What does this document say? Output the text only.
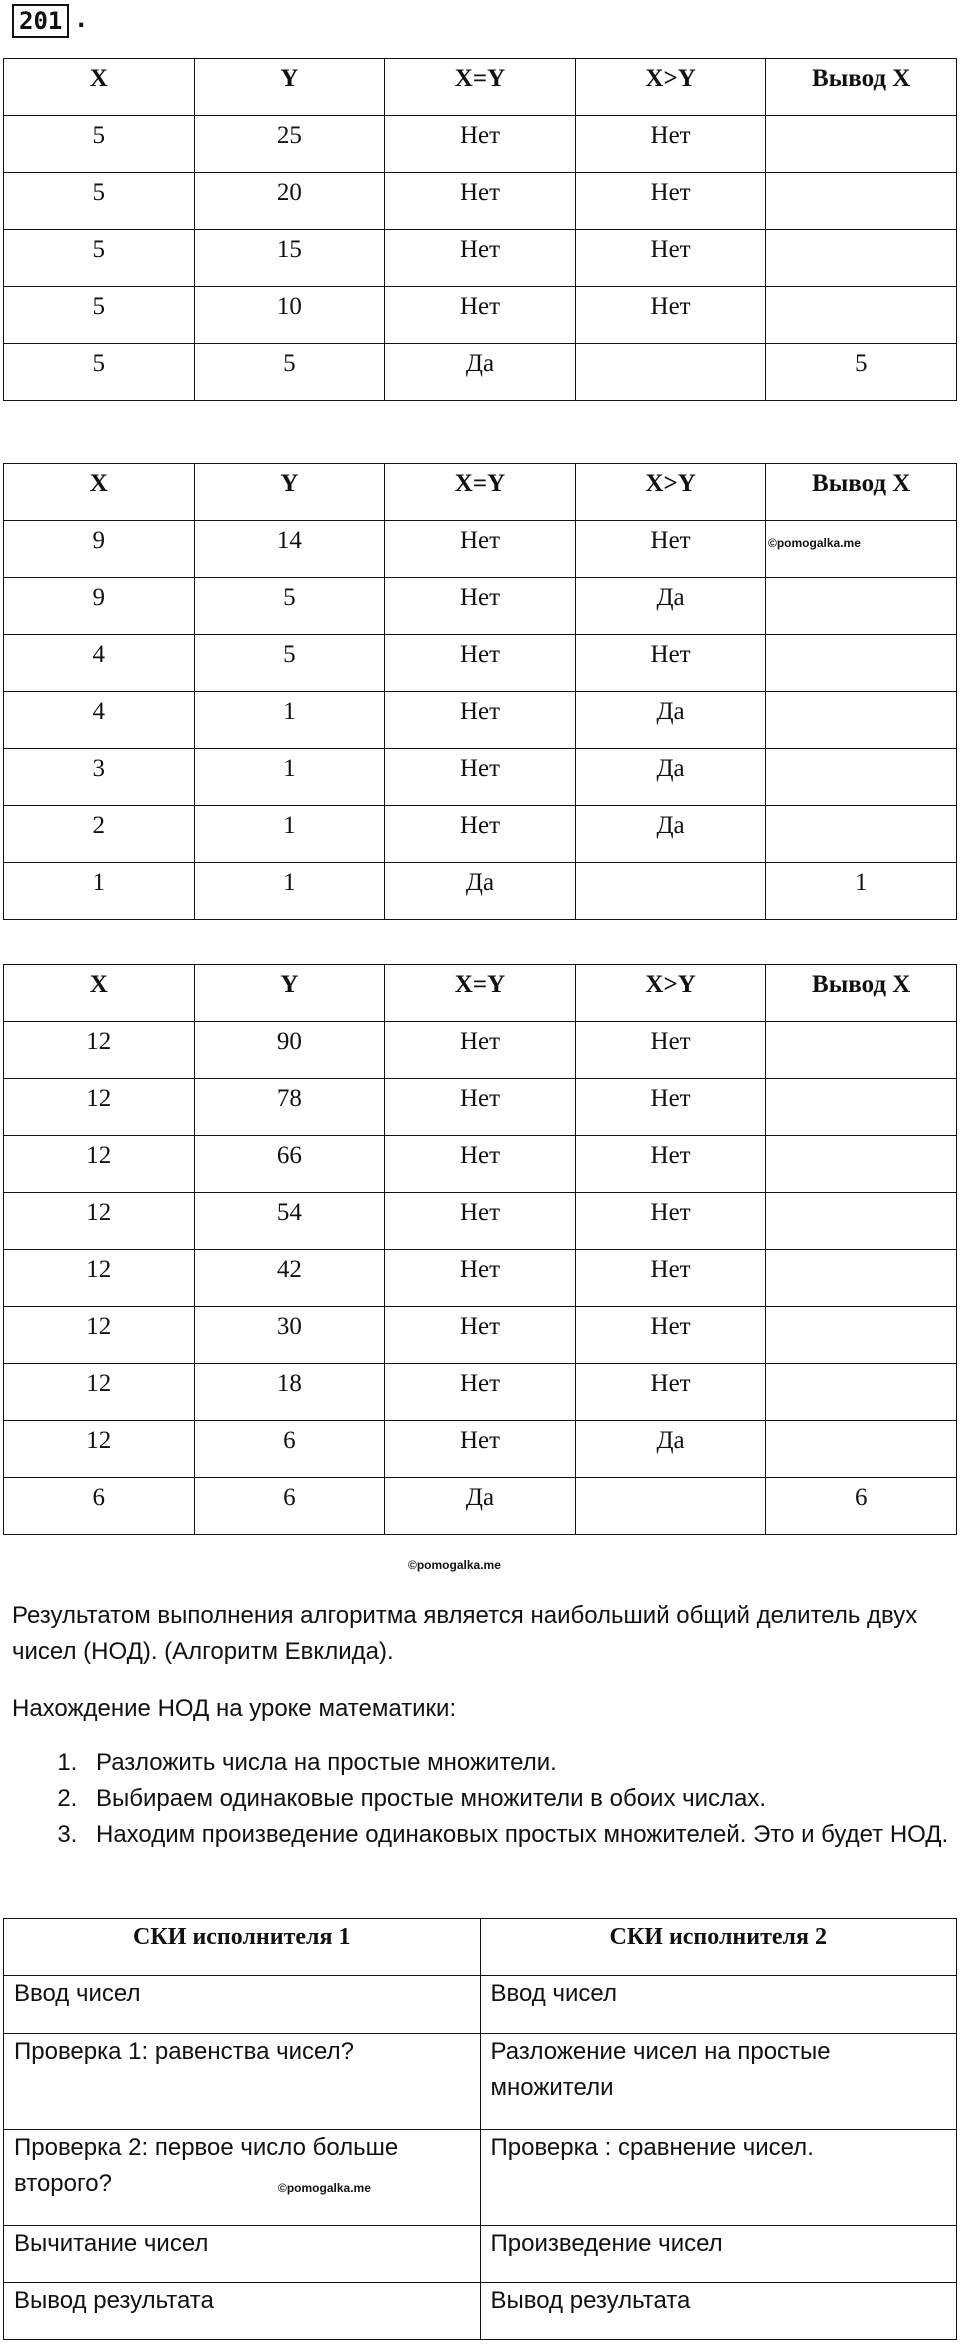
201 .
X	Y	X=Y	X>Y	Вывод X
5	25	Нет	Нет	
5	20	Нет	Нет	
5	15	Нет	Нет	
5	10	Нет	Нет	
5	5	Да		5
X	Y	X=Y	X>Y	Вывод X
9	14	Нет	Нет	
9	5	Нет	Да	
4	5	Нет	Нет	
4	1	Нет	Да	
3	1	Нет	Да	
2	1	Нет	Да	
1	1	Да		1
©pomogalka.me
X	Y	X=Y	X>Y	Вывод X
12	90	Нет	Нет	
12	78	Нет	Нет	
12	66	Нет	Нет	
12	54	Нет	Нет	
12	42	Нет	Нет	
12	30	Нет	Нет	
12	18	Нет	Нет	
12	6	Нет	Да	
6	6	Да		6
©pomogalka.me

Результатом выполнения алгоритма является наибольший общий делитель двух чисел (НОД). (Алгоритм Евклида).

Нахождение НОД на уроке математики:

1. Разложить числа на простые множители.
2. Выбираем одинаковые простые множители в обоих числах.
3. Находим произведение одинаковых простых множителей. Это и будет НОД.
СКИ исполнителя 1	СКИ исполнителя 2
Ввод чисел	Ввод чисел
Проверка 1: равенства чисел?	Разложение чисел на простые множители
Проверка 2: первое число больше второго?	Проверка : сравнение чисел.
Вычитание чисел	Произведение чисел
Вывод результата	Вывод результата
©pomogalka.me
